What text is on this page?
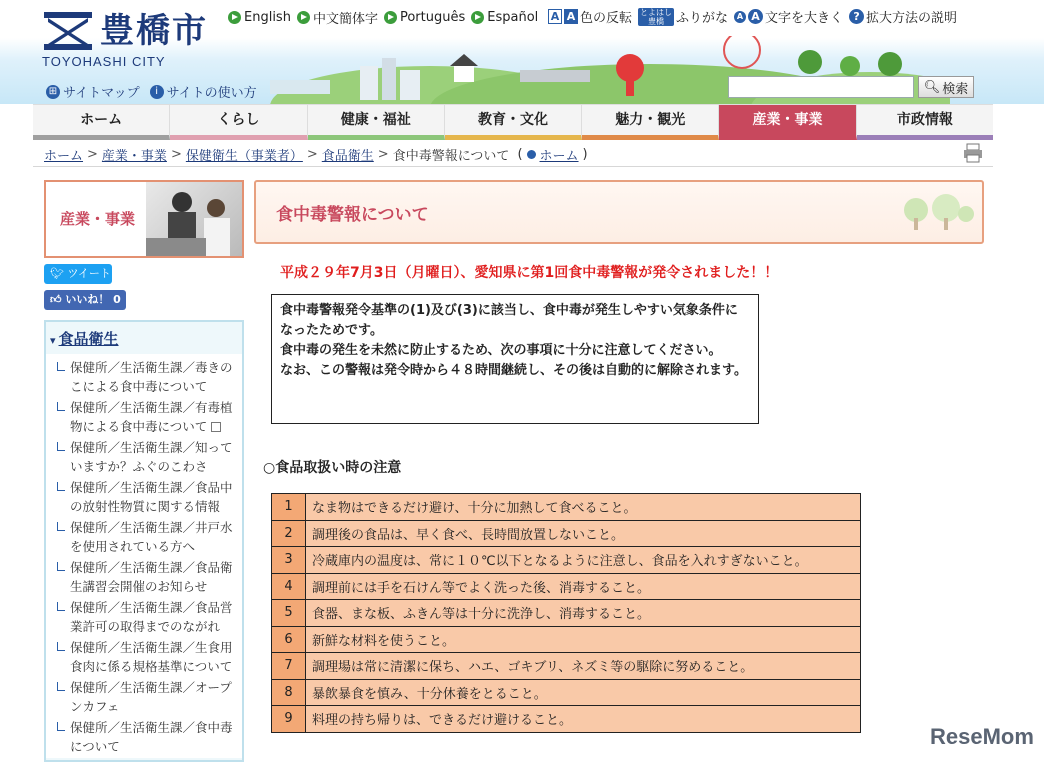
豊橋市
TOYOHASHI CITY
English 中文簡体字 Português Español A A 色の反転 とよはし
豊橋 ふりがな	A A 文字を大きく ? 拡大方法の説明
⊞ サイトマップ	i サイトの使い方	🔍︎ 検索
ホーム	くらし	健康・福祉	教育・文化	魅力・観光	産業・事業	市政情報
ホーム > 産業・事業 > 保健衛生（事業者） > 食品衛生 > 食中毒警報について ( ホーム )
産業・事業
🐦︎ ツイート
👍︎ いいね！ 0
▾ 食品衛生
保健所／生活衛生課／毒きのこによる食中毒について
保健所／生活衛生課／有毒植物による食中毒について
保健所／生活衛生課／知っていますか？ふぐのこわさ
保健所／生活衛生課／食品中の放射性物質に関する情報
保健所／生活衛生課／井戸水を使用されている方へ
保健所／生活衛生課／食品衛生講習会開催のお知らせ
保健所／生活衛生課／食品営業許可の取得までのながれ
保健所／生活衛生課／生食用食肉に係る規格基準について
保健所／生活衛生課／オープンカフェ
保健所／生活衛生課／食中毒について
食中毒警報について
平成２９年7月3日（月曜日）、愛知県に第1回食中毒警報が発令されました！！

食中毒警報発令基準の(1)及び(3)に該当し、食中毒が発生しやすい気象条件になったためです。

食中毒の発生を未然に防止するため、次の事項に十分に注意してください。

なお、この警報は発令時から４８時間継続し、その後は自動的に解除されます。

○食品取扱い時の注意
1	なま物はできるだけ避け、十分に加熱して食べること。
2	調理後の食品は、早く食べ、長時間放置しないこと。
3	冷蔵庫内の温度は、常に１０℃以下となるように注意し、食品を入れすぎないこと。
4	調理前には手を石けん等でよく洗った後、消毒すること。
5	食器、まな板、ふきん等は十分に洗浄し、消毒すること。
6	新鮮な材料を使うこと。
7	調理場は常に清潔に保ち、ハエ、ゴキブリ、ネズミ等の駆除に努めること。
8	暴飲暴食を慎み、十分休養をとること。
9	料理の持ち帰りは、できるだけ避けること。
ReseMom
